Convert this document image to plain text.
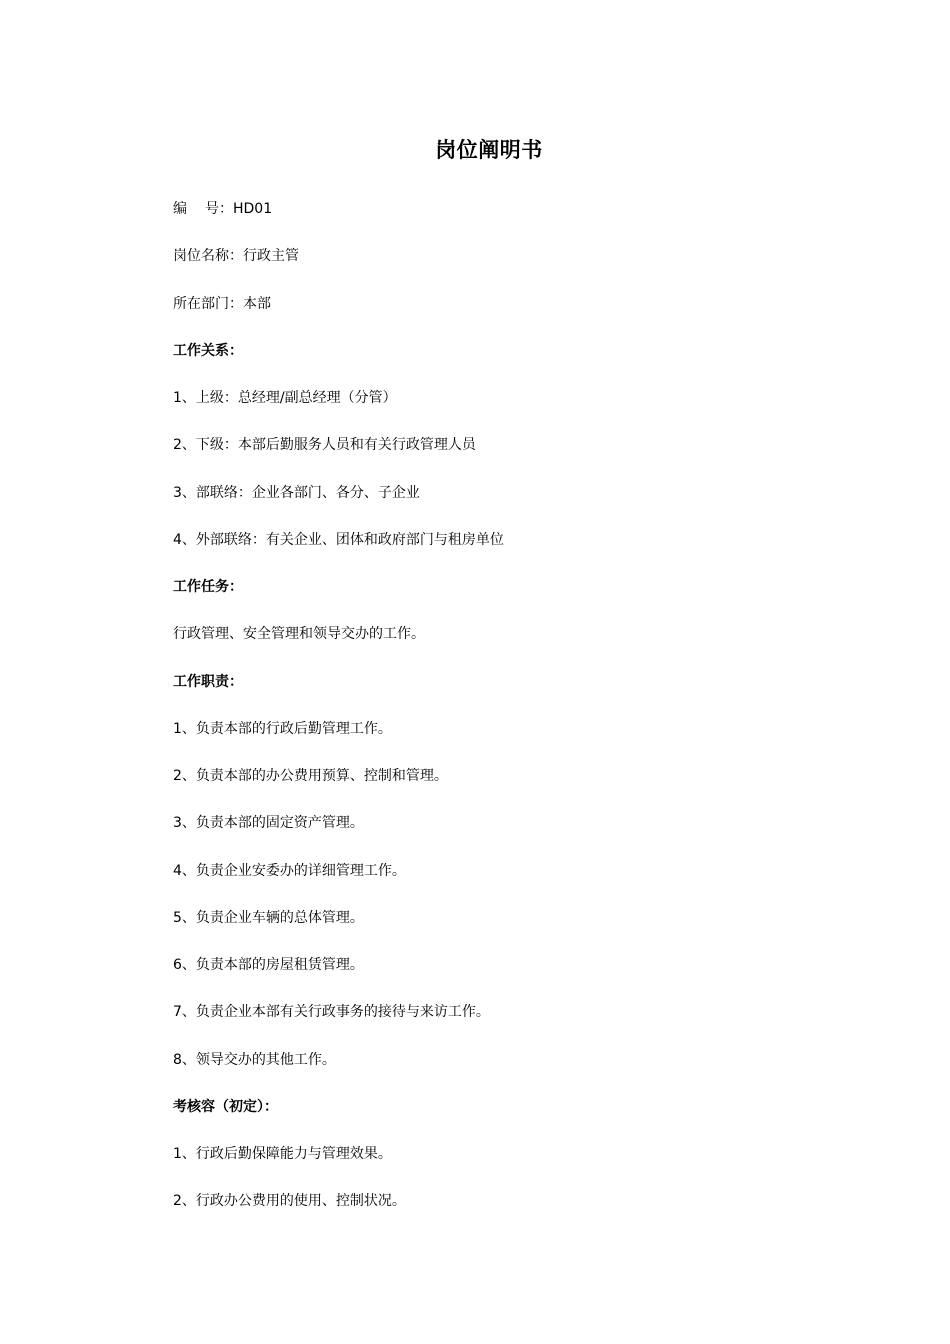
岗位阐明书
编 号：HD01
岗位名称：行政主管
所在部门：本部
工作关系：
1、上级：总经理/副总经理（分管）
2、下级：本部后勤服务人员和有关行政管理人员
3、部联络：企业各部门、各分、子企业
4、外部联络：有关企业、团体和政府部门与租房单位
工作任务：
行政管理、安全管理和领导交办的工作。
工作职责：
1、负责本部的行政后勤管理工作。
2、负责本部的办公费用预算、控制和管理。
3、负责本部的固定资产管理。
4、负责企业安委办的详细管理工作。
5、负责企业车辆的总体管理。
6、负责本部的房屋租赁管理。
7、负责企业本部有关行政事务的接待与来访工作。
8、领导交办的其他工作。
考核容（初定）：
1、行政后勤保障能力与管理效果。
2、行政办公费用的使用、控制状况。
